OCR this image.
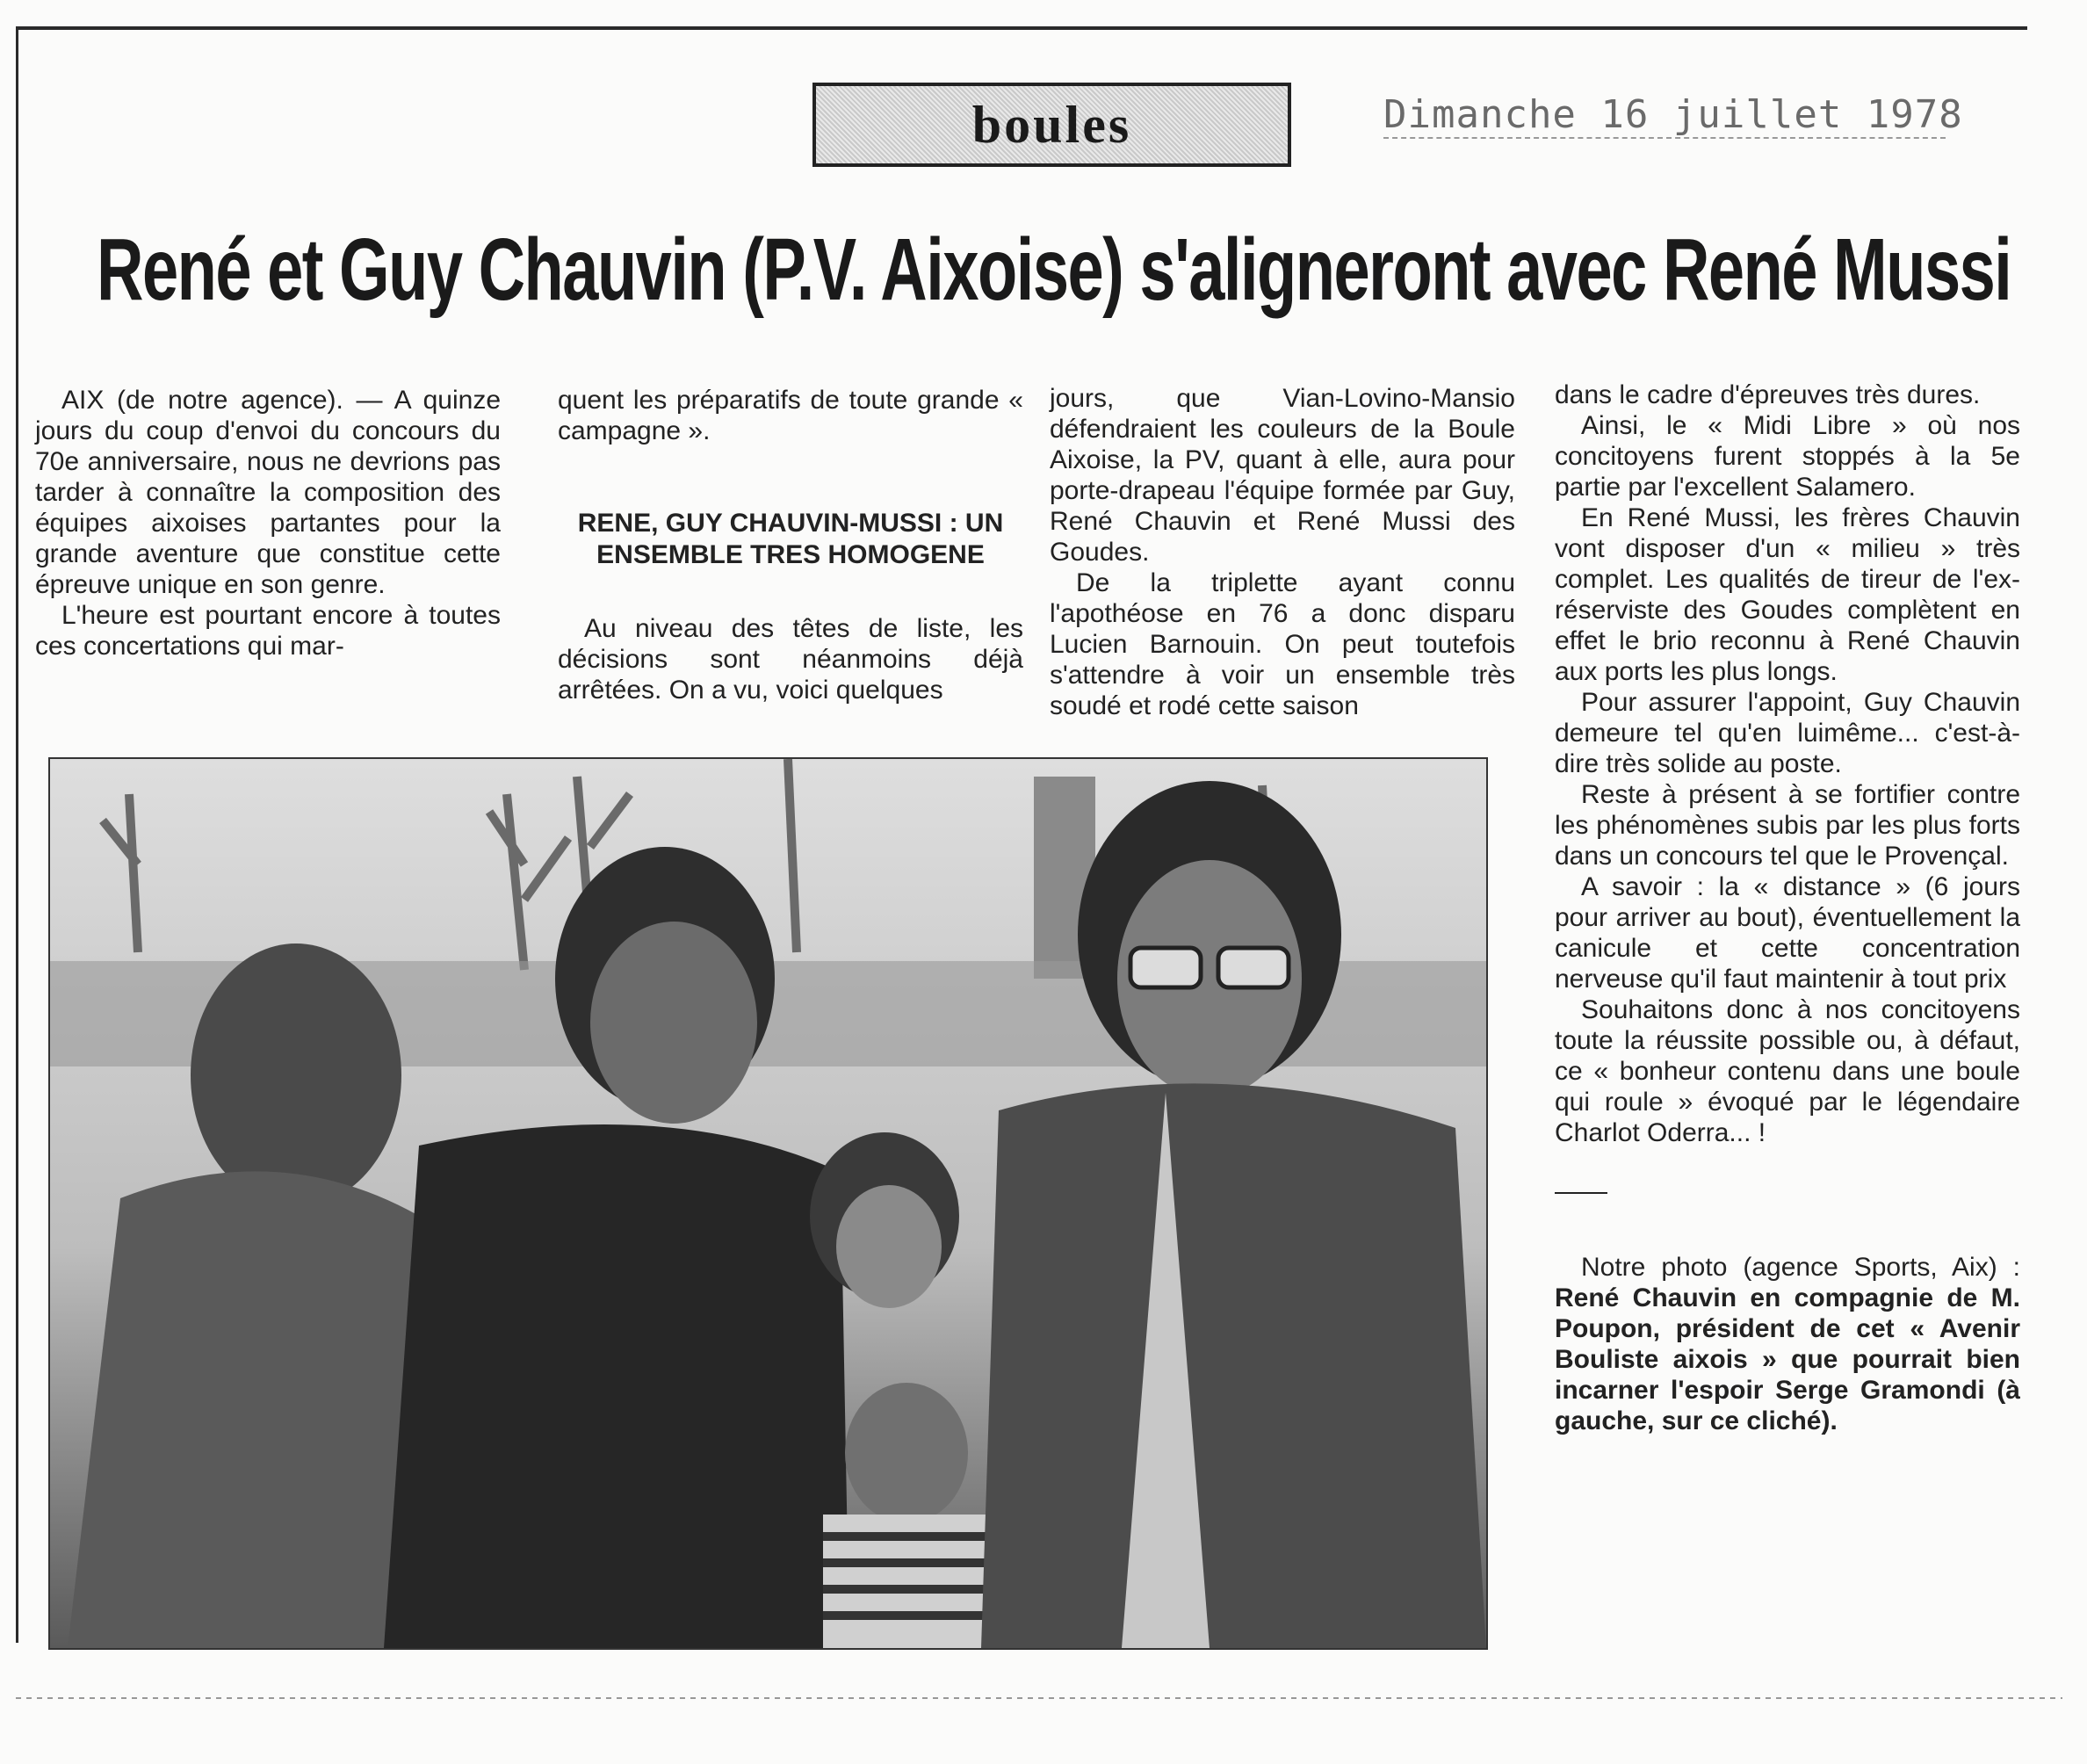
boules	Dimanche 16 juillet 1978
René et Guy Chauvin (P.V. Aixoise) s'aligneront avec René Mussi

AIX (de notre agence). — A quinze jours du coup d'envoi du concours du 70e anniversaire, nous ne devrions pas tarder à connaître la composition des équipes aixoises partantes pour la grande aventure que constitue cette épreuve unique en son genre.

L'heure est pourtant encore à toutes ces concertations qui mar-

quent les préparatifs de toute grande « campagne ».

RENE, GUY CHAUVIN-MUSSI : UN ENSEMBLE TRES HOMOGENE

Au niveau des têtes de liste, les décisions sont néanmoins déjà arrêtées. On a vu, voici quelques

jours, que Vian-Lovino-Mansio défendraient les couleurs de la Boule Aixoise, la PV, quant à elle, aura pour porte-drapeau l'équipe formée par Guy, René Chauvin et René Mussi des Goudes.

De la triplette ayant connu l'apothéose en 76 a donc disparu Lucien Barnouin. On peut toutefois s'attendre à voir un ensemble très soudé et rodé cette saison

dans le cadre d'épreuves très dures.

Ainsi, le « Midi Libre » où nos concitoyens furent stoppés à la 5e partie par l'excellent Salamero.

En René Mussi, les frères Chauvin vont disposer d'un « milieu » très complet. Les qualités de tireur de l'ex-réserviste des Goudes complètent en effet le brio reconnu à René Chauvin aux ports les plus longs.

Pour assurer l'appoint, Guy Chauvin demeure tel qu'en luimême... c'est-à-dire très solide au poste.

Reste à présent à se fortifier contre les phénomènes subis par les plus forts dans un concours tel que le Provençal.

A savoir : la « distance » (6 jours pour arriver au bout), éventuellement la canicule et cette concentration nerveuse qu'il faut maintenir à tout prix

Souhaitons donc à nos concitoyens toute la réussite possible ou, à défaut, ce « bonheur contenu dans une boule qui roule » évoqué par le légendaire Charlot Oderra... !

Notre photo (agence Sports, Aix) : René Chauvin en compagnie de M. Poupon, président de cet « Avenir Bouliste aixois » que pourrait bien incarner l'espoir Serge Gramondi (à gauche, sur ce cliché).
